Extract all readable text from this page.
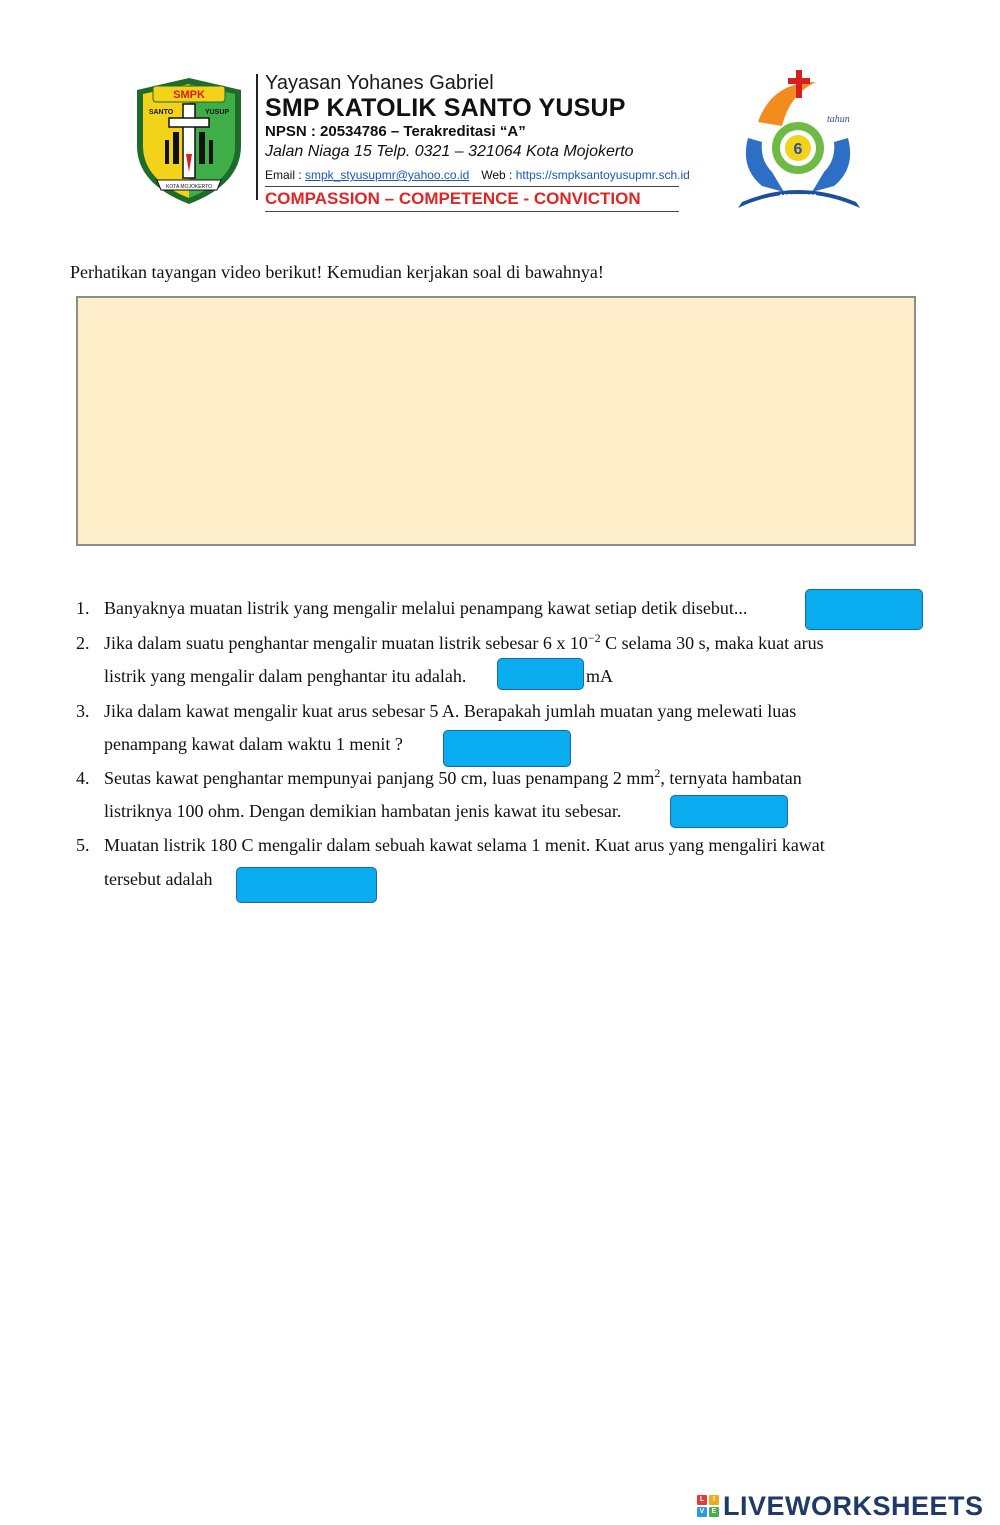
SMPK
SANTO	YUSUP
KOTA MOJOKERTO
Yayasan Yohanes Gabriel
SMP KATOLIK SANTO YUSUP
NPSN : 20534786 – Terakreditasi “A”
Jalan Niaga 15 Telp. 0321 – 321064 Kota Mojokerto
Email : smpk_styusupmr@yahoo.co.id Web : https://smpksantoyusupmr.sch.id
COMPASSION – COMPETENCE - CONVICTION
tahun
6
1956 - 2022
Perhatikan tayangan video berikut! Kemudian kerjakan soal di bawahnya!
1. Banyaknya muatan listrik yang mengalir melalui penampang kawat setiap detik disebut...
2. Jika dalam suatu penghantar mengalir muatan listrik sebesar 6 x $10^{-2}$ C selama 30 s, maka kuat arus
listrik yang mengalir dalam penghantar itu adalah.	mA
3. Jika dalam kawat mengalir kuat arus sebesar 5 A. Berapakah jumlah muatan yang melewati luas
penampang kawat dalam waktu 1 menit ?
4. Seutas kawat penghantar mempunyai panjang 50 cm, luas penampang 2 $mm^2$, ternyata hambatan
listriknya 100 ohm. Dengan demikian hambatan jenis kawat itu sebesar.
5. Muatan listrik 180 C mengalir dalam sebuah kawat selama 1 menit. Kuat arus yang mengaliri kawat
tersebut adalah
L	I
V	E LIVEWORKSHEETS
